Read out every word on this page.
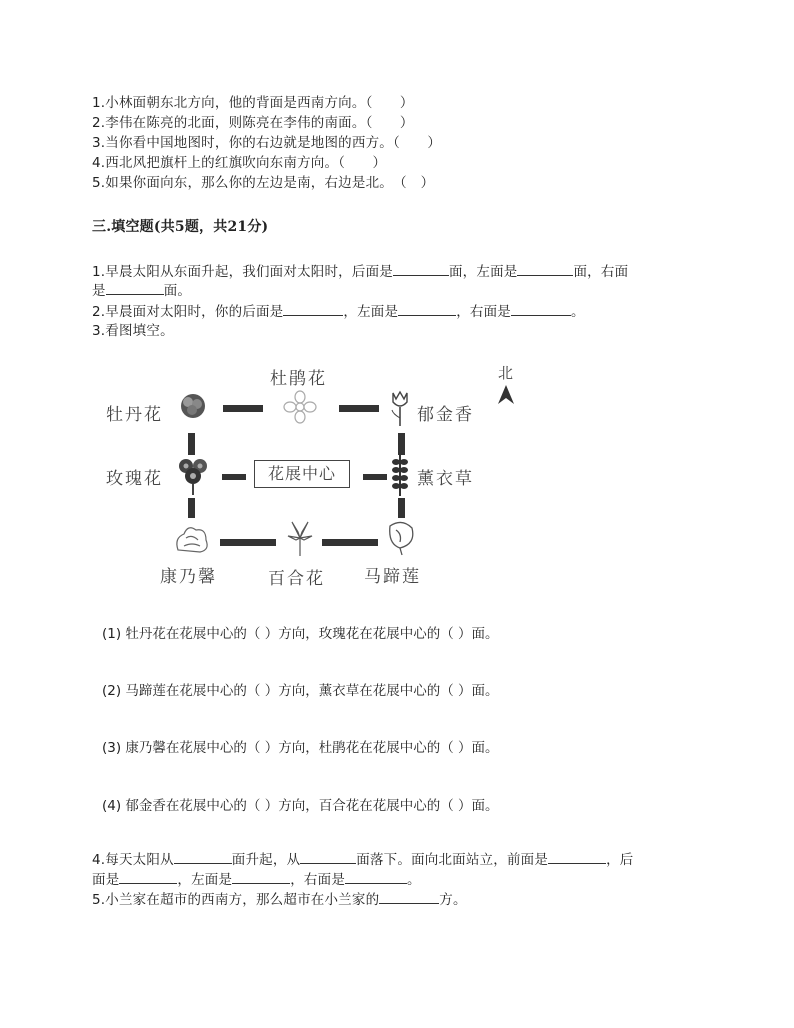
1.小林面朝东北方向，他的背面是西南方向。（　　）
2.李伟在陈亮的北面，则陈亮在李伟的南面。（　　）
3.当你看中国地图时，你的右边就是地图的西方。（　　）
4.西北风把旗杆上的红旗吹向东南方向。（　　）
5.如果你面向东，那么你的左边是南，右边是北。　（　）
三.填空题(共5题，共21分)
1.早晨太阳从东面升起，我们面对太阳时，后面是	面，左面是	面，右面
是	面。
2.早晨面对太阳时，你的后面是	，左面是	，右面是	。
3.看图填空。
杜鹃花
牡丹花	郁金香
玫瑰花	薰衣草
康乃馨	百合花 马蹄莲
花展中心
北
(1) 牡丹花在花展中心的（ ）方向，玫瑰花在花展中心的（ ）面。
(2) 马蹄莲在花展中心的（ ）方向，薰衣草在花展中心的（ ）面。
(3) 康乃馨在花展中心的（ ）方向，杜鹃花在花展中心的（ ）面。
(4) 郁金香在花展中心的（ ）方向，百合花在花展中心的（ ）面。
4.每天太阳从	面升起，从	面落下。面向北面站立，前面是	，后
面是	，左面是	，右面是	。
5.小兰家在超市的西南方，那么超市在小兰家的	方。
